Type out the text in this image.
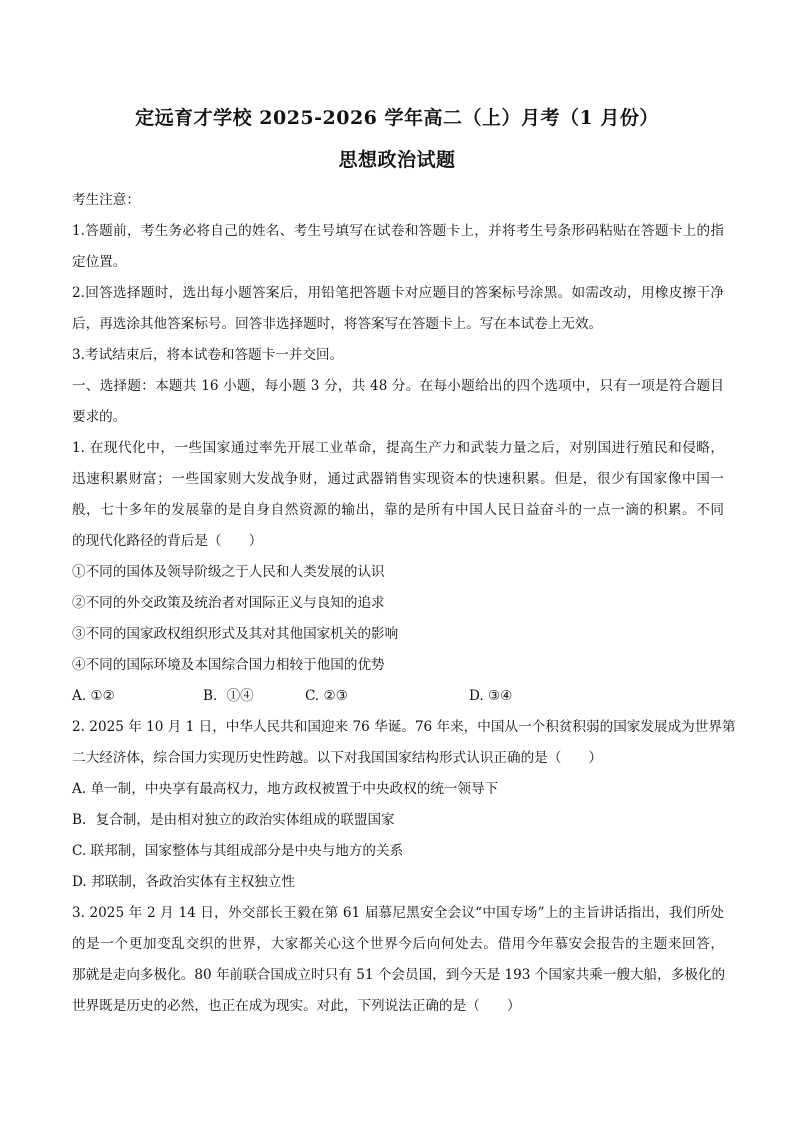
定远育才学校 2025-2026 学年高二（上）月考（1 月份）
思想政治试题
考生注意：
1.答题前，考生务必将自己的姓名、考生号填写在试卷和答题卡上，并将考生号条形码粘贴在答题卡上的指
定位置。
2.回答选择题时，选出每小题答案后，用铅笔把答题卡对应题目的答案标号涂黑。如需改动，用橡皮擦干净
后，再选涂其他答案标号。回答非选择题时，将答案写在答题卡上。写在本试卷上无效。
3.考试结束后，将本试卷和答题卡一并交回。
一、选择题：本题共 16 小题，每小题 3 分，共 48 分。在每小题给出的四个选项中，只有一项是符合题目
要求的。
1. 在现代化中，一些国家通过率先开展工业革命，提高生产力和武装力量之后，对别国进行殖民和侵略，
迅速积累财富；一些国家则大发战争财，通过武器销售实现资本的快速积累。但是，很少有国家像中国一
般，七十多年的发展靠的是自身自然资源的输出，靠的是所有中国人民日益奋斗的一点一滴的积累。不同
的现代化路径的背后是（　　）
①不同的国体及领导阶级之于人民和人类发展的认识
②不同的外交政策及统治者对国际正义与良知的追求
③不同的国家政权组织形式及其对其他国家机关的影响
④不同的国际环境及本国综合国力相较于他国的优势
A. ①②	B．①④	C. ②③	D. ③④
2. 2025 年 10 月 1 日，中华人民共和国迎来 76 华诞。76 年来，中国从一个积贫积弱的国家发展成为世界第
二大经济体，综合国力实现历史性跨越。以下对我国国家结构形式认识正确的是（　　）
A. 单一制，中央享有最高权力，地方政权被置于中央政权的统一领导下
B．复合制，是由相对独立的政治实体组成的联盟国家
C. 联邦制，国家整体与其组成部分是中央与地方的关系
D. 邦联制，各政治实体有主权独立性
3. 2025 年 2 月 14 日，外交部长王毅在第 61 届慕尼黑安全会议“中国专场”上的主旨讲话指出，我们所处
的是一个更加变乱交织的世界，大家都关心这个世界今后向何处去。借用今年慕安会报告的主题来回答，
那就是走向多极化。80 年前联合国成立时只有 51 个会员国，到今天是 193 个国家共乘一艘大船，多极化的
世界既是历史的必然，也正在成为现实。对此，下列说法正确的是（　　）
